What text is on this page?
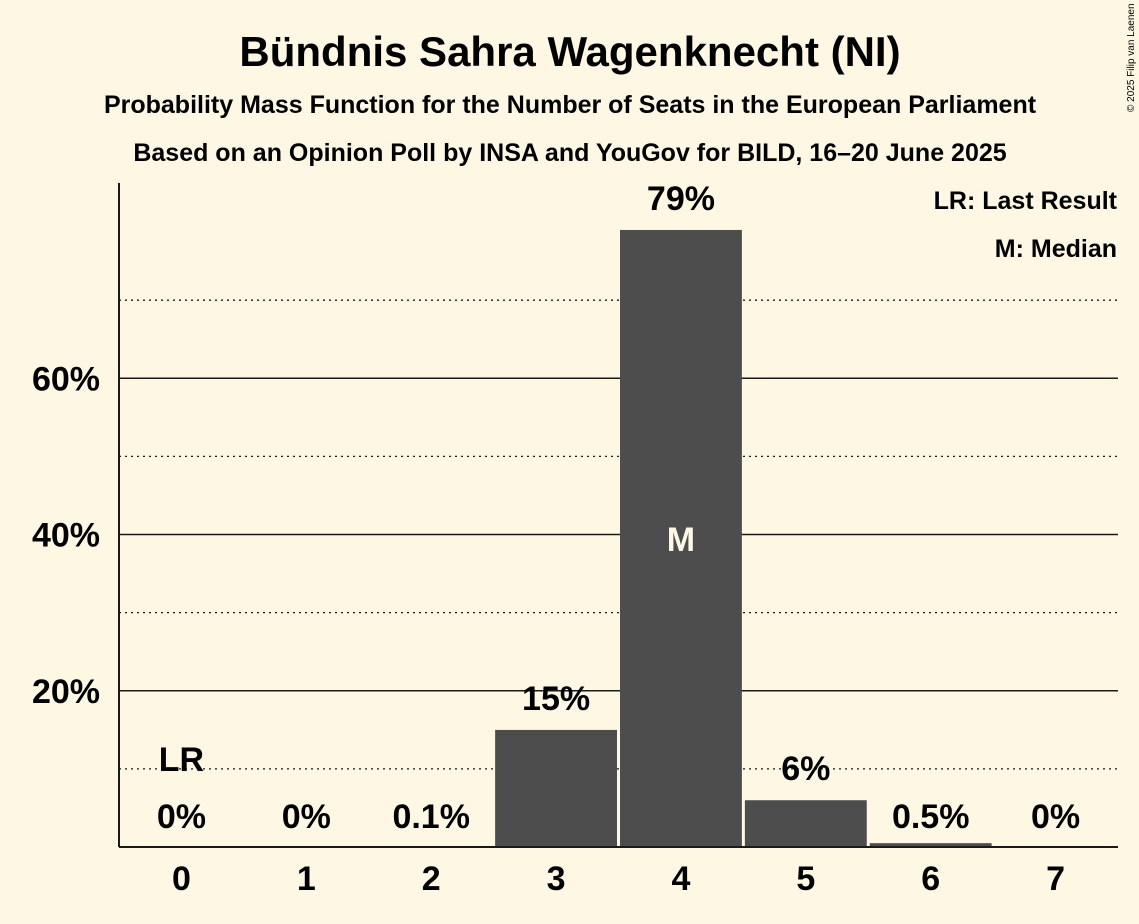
Bündnis Sahra Wagenknecht (NI)
Probability Mass Function for the Number of Seats in the European Parliament
Based on an Opinion Poll by INSA and YouGov for BILD, 16–20 June 2025
© 2025 Filip van Laenen
20%
40%
60%
0	1	2	3	4	5	6	7
0%
LR
0% 0.1%
15%
79%
M
6%
0.5% 0%
LR: Last Result
M: Median
